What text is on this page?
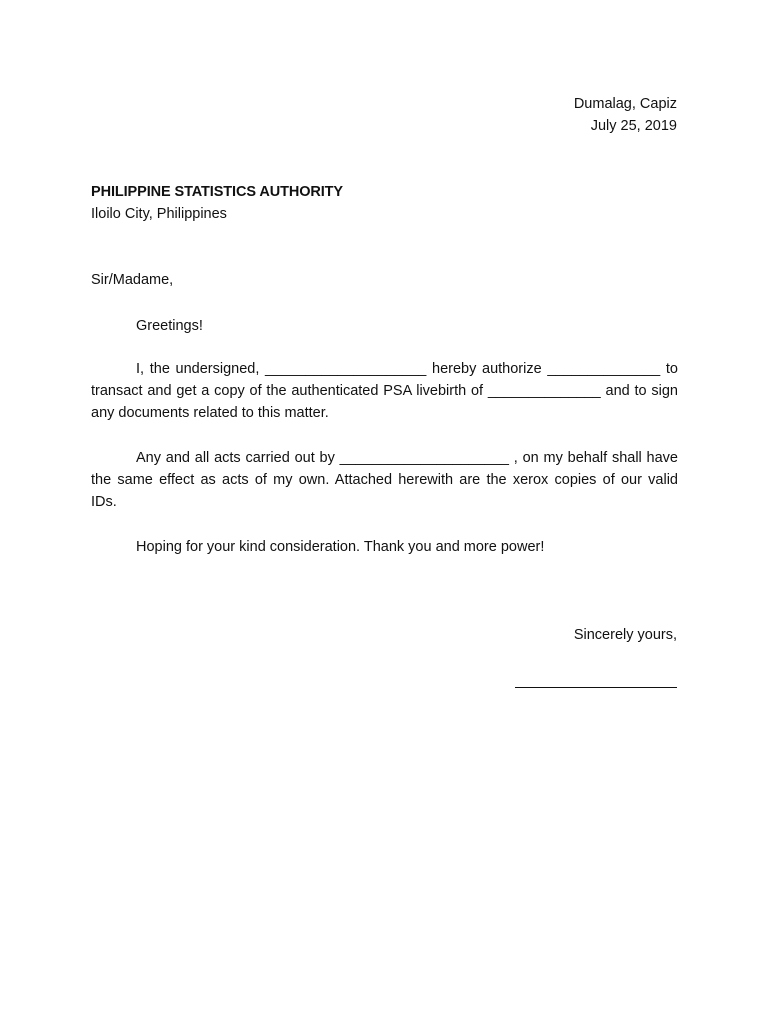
Dumalag, Capiz
July 25, 2019
PHILIPPINE STATISTICS AUTHORITY
Iloilo City, Philippines
Sir/Madame,
Greetings!
I, the undersigned, ____________________ hereby authorize ______________ to
transact and get a copy of the authenticated PSA livebirth of ______________ and to sign
any documents related to this matter.
Any and all acts carried out by _____________________ , on my behalf shall have
the same effect as acts of my own. Attached herewith are the xerox copies of our valid
IDs.
Hoping for your kind consideration. Thank you and more power!
Sincerely yours,
